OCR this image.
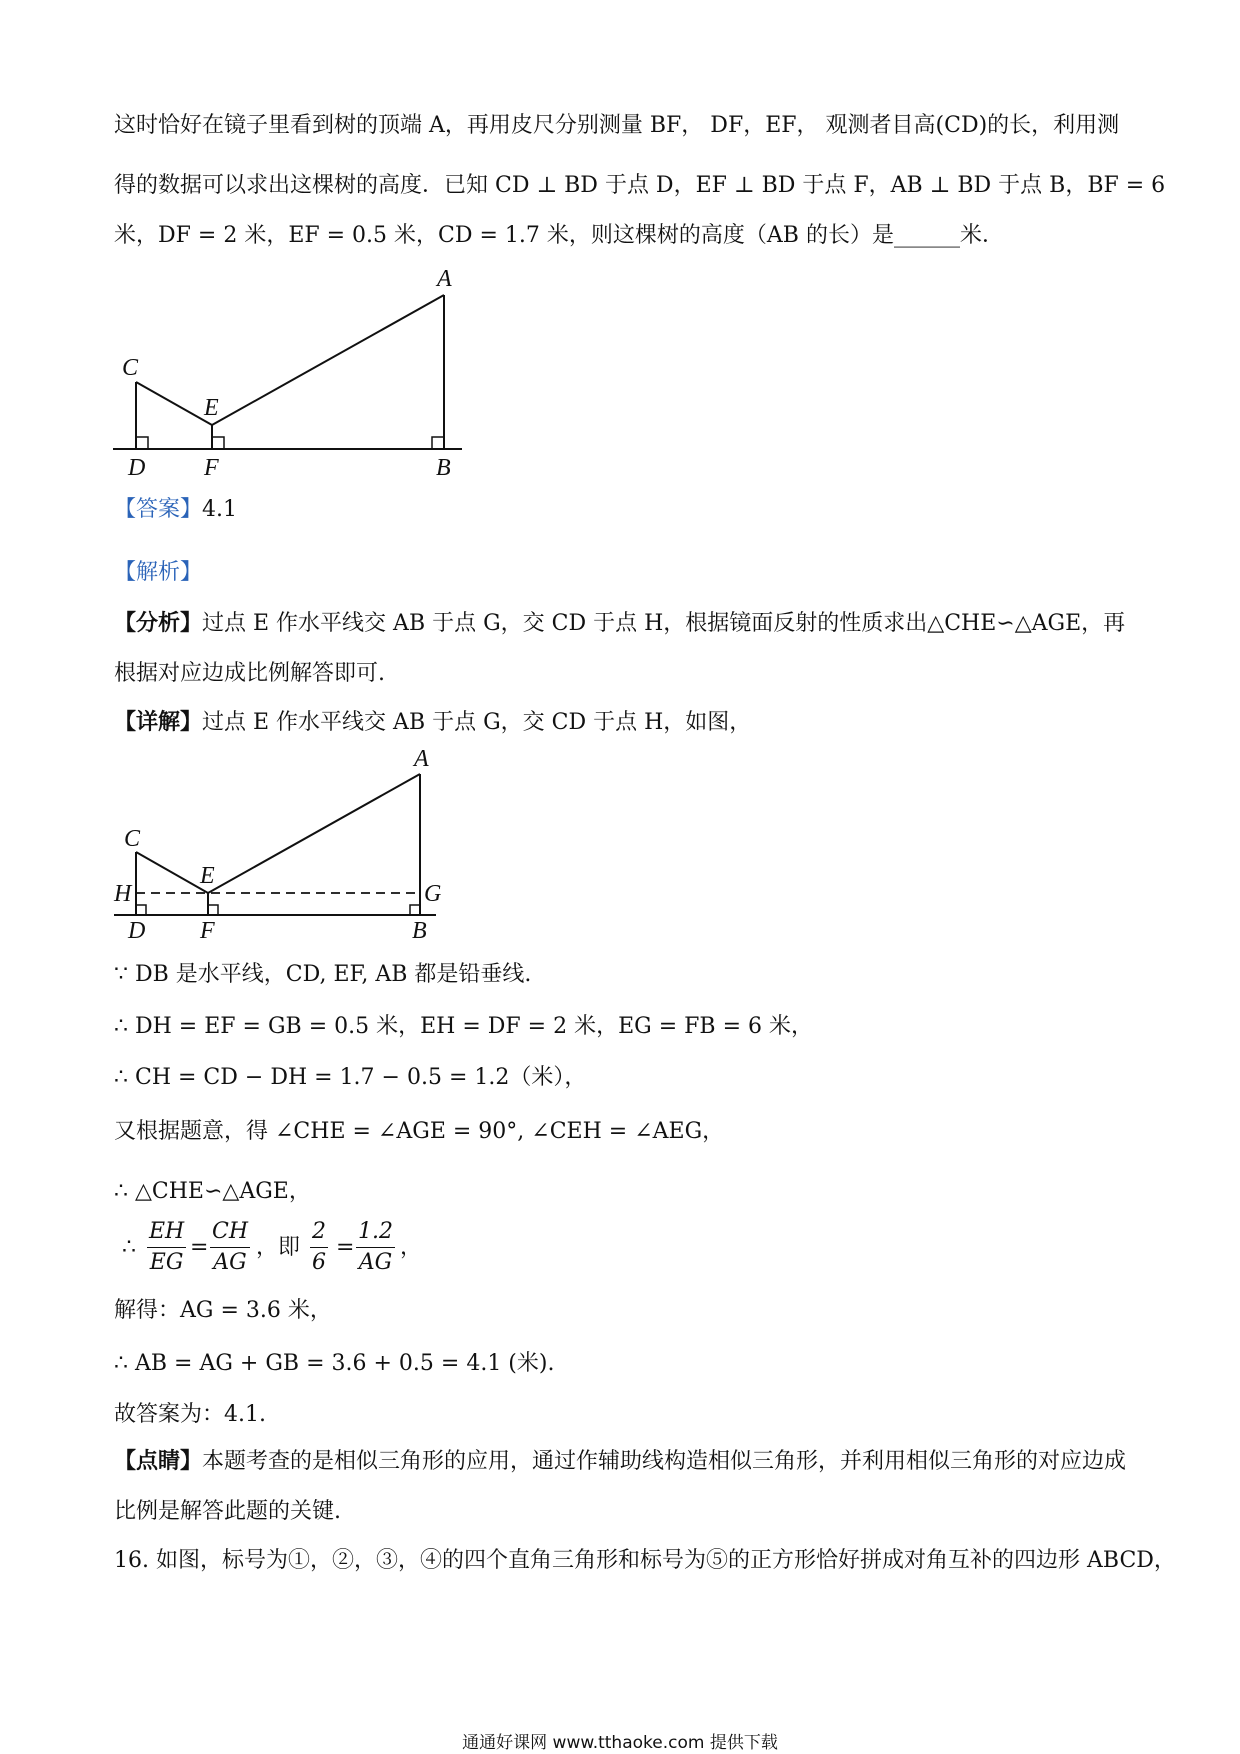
这时恰好在镜子里看到树的顶端 A，再用皮尺分别测量 BF， DF，EF， 观测者目高(CD)的长，利用测
得的数据可以求出这棵树的高度．已知 CD ⊥ BD 于点 D，EF ⊥ BD 于点 F，AB ⊥ BD 于点 B，BF = 6
米，DF = 2 米，EF = 0.5 米，CD = 1.7 米，则这棵树的高度（AB 的长）是______米．
A
C
E
D F	B
【答案】4.1
【解析】
【分析】过点 E 作水平线交 AB 于点 G，交 CD 于点 H，根据镜面反射的性质求出△CHE∽△AGE，再
根据对应边成比例解答即可.
【详解】过点 E 作水平线交 AB 于点 G，交 CD 于点 H，如图，
A
C
E
H	G
D F	B
∵ DB 是水平线，CD, EF, AB 都是铅垂线.
∴ DH = EF = GB = 0.5 米，EH = DF = 2 米，EG = FB = 6 米，
∴ CH = CD − DH = 1.7 − 0.5 = 1.2（米），
又根据题意，得 ∠CHE = ∠AGE = 90°, ∠CEH = ∠AEG，
∴ △CHE∽△AGE，
∴ $\frac{EH}{EG} = \frac{CH}{AG}$ ，即 $\frac{2}{6} = \frac{1.2}{AG}$ ，
解得：AG = 3.6 米，
∴ AB = AG + GB = 3.6 + 0.5 = 4.1 (米).
故答案为：4.1.
【点睛】本题考查的是相似三角形的应用，通过作辅助线构造相似三角形，并利用相似三角形的对应边成
比例是解答此题的关键.
16. 如图，标号为①，②，③，④的四个直角三角形和标号为⑤的正方形恰好拼成对角互补的四边形 ABCD，
通通好课网 www.tthaoke.com 提供下载
